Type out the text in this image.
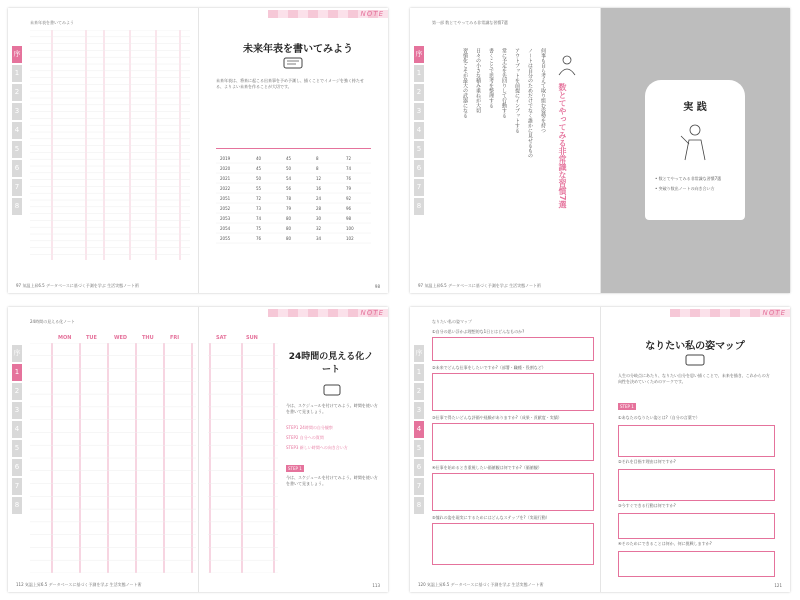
序
1
2
3
4
5
6
7
8
未来年表を書いてみよう
97 気温上昇6.5 データベースに基づく予測を学ぶ 生活実態ノート術
NOTE
未来年表を書いてみよう
未来年表は、将来に起こる出来事を予め予測し、描くことでイメージを強く持たせる、よりよい未来を作ることが大切です。
2019	40	45	8	72
2020	45	50	8	74
2021	50	54	12	76
2022	55	56	16	79
2051	72	78	24	92
2052	73	79	28	96
2053	74	80	30	98
2054	75	80	32	100
2055	76	80	34	102
98
序
1
2
3
4
5
6
7
8
第一部 数とてやってみる非常識な習慣7選
数とてやってみる非常識な習慣7選
何事も自ら考えて取り組む姿勢を持つ
ノートは自分のためだけでなく誰かに見せるもの
アウトプットを前提にインプットする
常に予定を先回りして行動する
書くことで思考を整理する
日々の小さな積み重ねが大切
習慣化こそが最大の武器になる
97 気温上昇6.5 データベースに基づく予測を学ぶ 生活実態ノート術
実 践
• 数とてやってみる非常識な習慣7選
• 突破り数出ノートの向き合い方
序
1
2
3
4
5
6
7
8
24時間の見える化ノート
MON	TUE	WED	THU	FRI
112 気温上昇6.5 データベースに基づく予測を学ぶ 生活実態ノート術
NOTE
SAT	SUN
24時間の見える化ノート
今は、スケジュールを付けてみよう。時間を使い方を書いて見ましょう。
STEP1 24時間の自分観察
STEP2 自分への質問
STEP3 新しい時間への向き合い方
STEP 1
今は、スケジュールを付けてみよう。時間を使い方を書いて見ましょう。
113
序
1
2
3
4
5
6
7
8
なりたい私の姿マップ
①自分の思い浮かぶ理想的な1日とはどんなものか?
②未来でどんな仕事をしたいですか?（部署・職種・役割など）
③仕事で得たいどんな評価や経験がありますか?（成果・貢献度・実績）
④仕事を始めるとき重視したい価値観は何ですか?（価値観）
⑤憧れの姿を現実にするためにはどんなステップを?（実現行動）
120 気温上昇6.5 データベースに基づく予測を学ぶ 生活実態ノート術
NOTE
なりたい私の姿マップ
人生の分岐点にあたり、なりたい自分を思い描くことで、未来を描き、これからの方向性を決めていくためのワークです。
STEP 1
①あなたのなりたい姿とは?（自分の言葉で）
②それを目指す理由は何ですか?
③今すぐできる行動は何ですか?
④そのためにできることは何か、何に挑戦しますか?
121
